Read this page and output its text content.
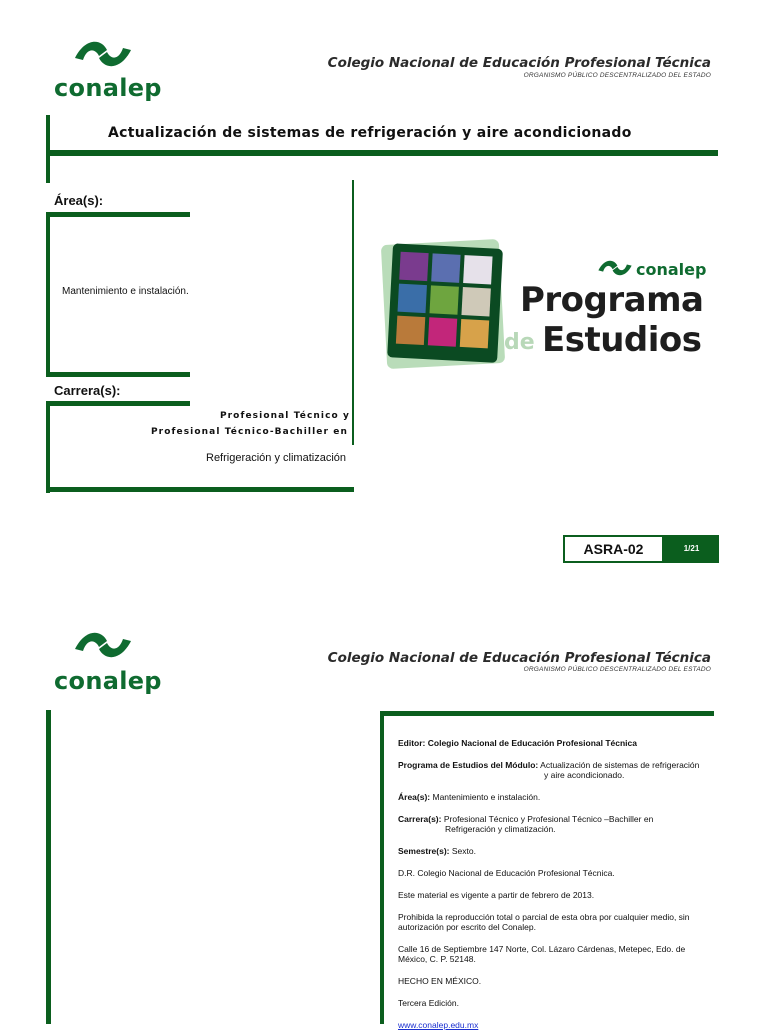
conalep
Colegio Nacional de Educación Profesional Técnica
ORGANISMO PÚBLICO DESCENTRALIZADO DEL ESTADO
Actualización de sistemas de refrigeración y aire acondicionado
Área(s):
Mantenimiento e instalación.
Carrera(s):
Profesional Técnico y
Profesional Técnico-Bachiller en
Refrigeración y climatización
conalep
Programa
de Estudios
ASRA-02	1/21
conalep
Colegio Nacional de Educación Profesional Técnica
ORGANISMO PÚBLICO DESCENTRALIZADO DEL ESTADO

Editor: Colegio Nacional de Educación Profesional Técnica

Programa de Estudios del Módulo: Actualización de sistemas de refrigeración
y aire acondicionado.

Área(s): Mantenimiento e instalación.

Carrera(s): Profesional Técnico y Profesional Técnico –Bachiller en
Refrigeración y climatización.

Semestre(s): Sexto.

D.R. Colegio Nacional de Educación Profesional Técnica.

Este material es vigente a partir de febrero de 2013.

Prohibida la reproducción total o parcial de esta obra por cualquier medio, sin autorización por escrito del Conalep.

Calle 16 de Septiembre 147 Norte, Col. Lázaro Cárdenas, Metepec, Edo. de México, C. P. 52148.

HECHO EN MÉXICO.

Tercera Edición.

www.conalep.edu.mx
